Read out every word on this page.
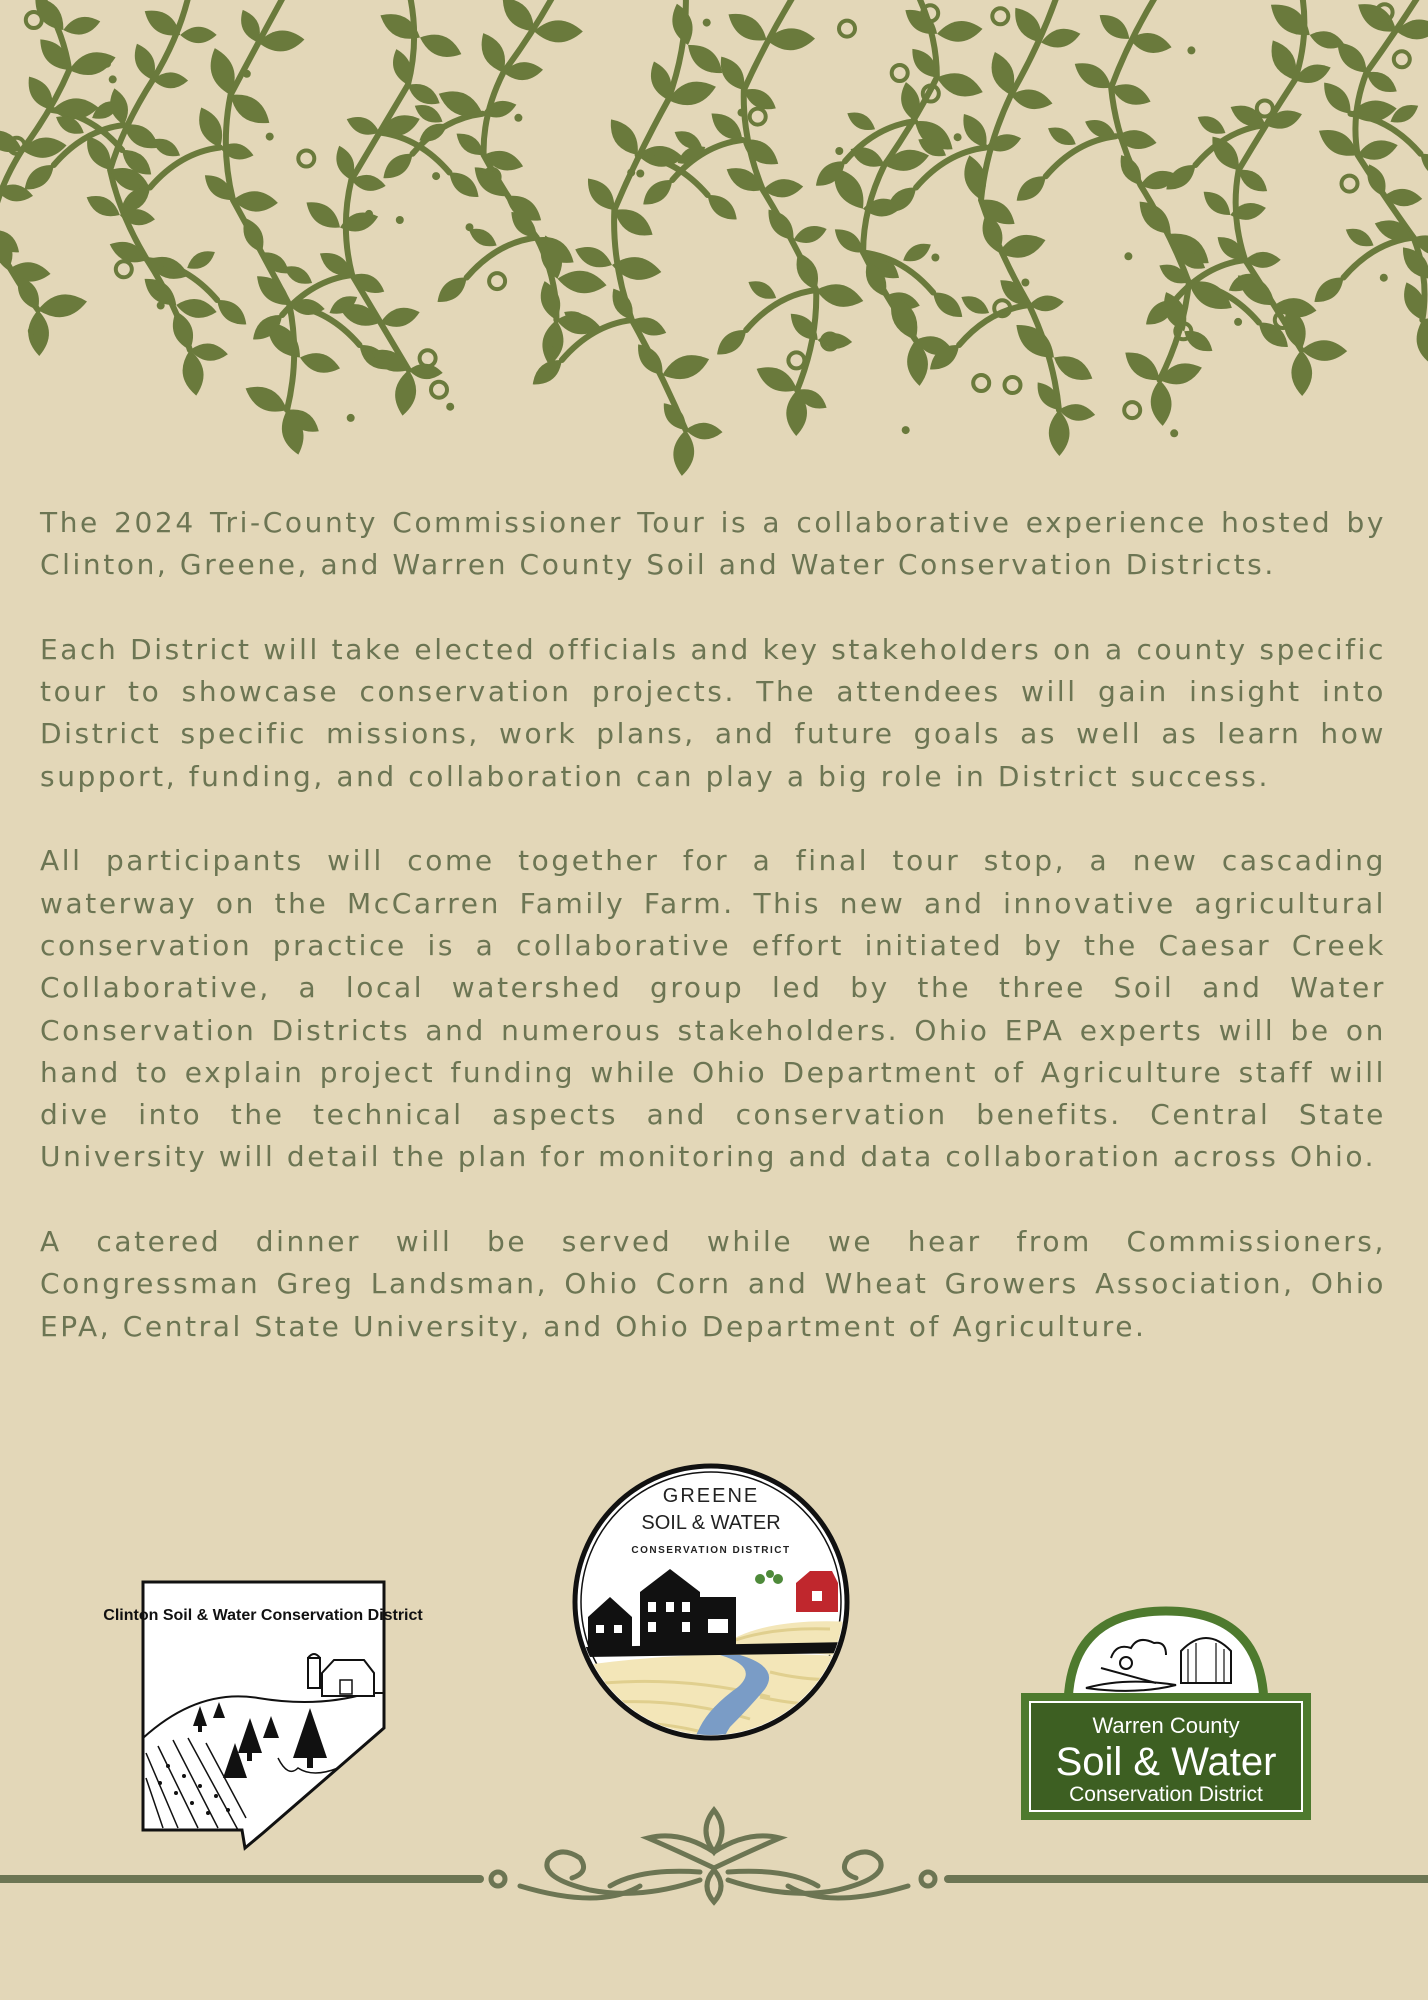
The 2024 Tri-County Commissioner Tour is a collaborative experience hosted by Clinton, Greene, and Warren County Soil and Water Conservation Districts.

Each District will take elected officials and key stakeholders on a county specific tour to showcase conservation projects. The attendees will gain insight into District specific missions, work plans, and future goals as well as learn how support, funding, and collaboration can play a big role in District success.

All participants will come together for a final tour stop, a new cascading waterway on the McCarren Family Farm. This new and innovative agricultural conservation practice is a collaborative effort initiated by the Caesar Creek Collaborative, a local watershed group led by the three Soil and Water Conservation Districts and numerous stakeholders. Ohio EPA experts will be on hand to explain project funding while Ohio Department of Agriculture staff will dive into the technical aspects and conservation benefits. Central State University will detail the plan for monitoring and data collaboration across Ohio.

A catered dinner will be served while we hear from Commissioners, Congressman Greg Landsman, Ohio Corn and Wheat Growers Association, Ohio EPA, Central State University, and Ohio Department of Agriculture.

Clinton Soil & Water Conservation District
GREENE
SOIL & WATER
CONSERVATION DISTRICT
Warren County
Soil & Water
Conservation District
